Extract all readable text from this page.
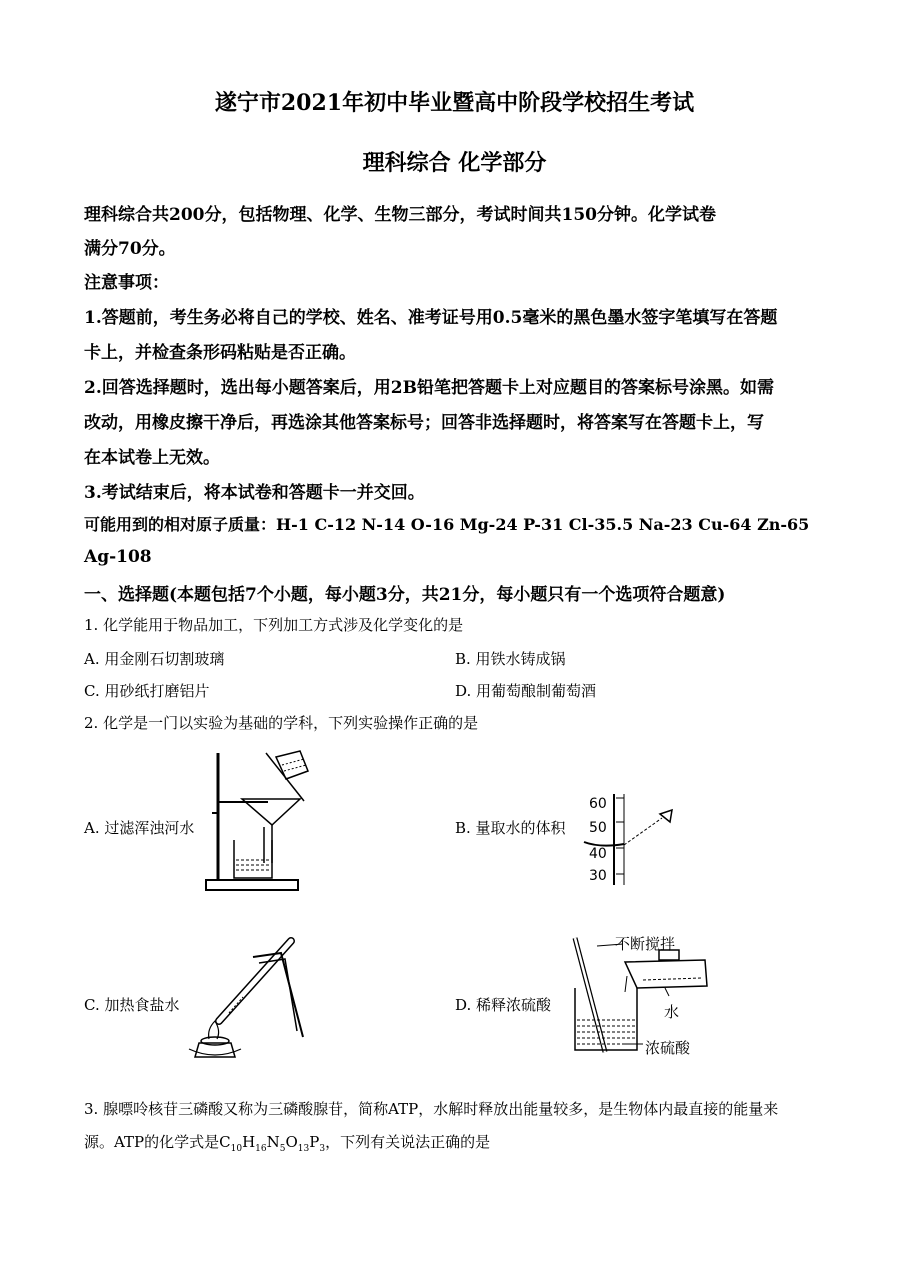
遂宁市2021年初中毕业暨高中阶段学校招生考试
理科综合 化学部分
理科综合共200分，包括物理、化学、生物三部分，考试时间共150分钟。化学试卷
满分70分。
注意事项：
1.答题前，考生务必将自己的学校、姓名、准考证号用0.5毫米的黑色墨水签字笔填写在答题
卡上，并检查条形码粘贴是否正确。
2.回答选择题时，选出每小题答案后，用2B铅笔把答题卡上对应题目的答案标号涂黑。如需
改动，用橡皮擦干净后，再选涂其他答案标号；回答非选择题时，将答案写在答题卡上，写
在本试卷上无效。
3.考试结束后，将本试卷和答题卡一并交回。
可能用到的相对原子质量：H-1 C-12 N-14 O-16 Mg-24 P-31 Cl-35.5 Na-23 Cu-64 Zn-65
Ag-108
一、选择题(本题包括7个小题，每小题3分，共21分，每小题只有一个选项符合题意)
1. 化学能用于物品加工，下列加工方式涉及化学变化的是
A. 用金刚石切割玻璃	B. 用铁水铸成锅
C. 用砂纸打磨铝片	D. 用葡萄酿制葡萄酒
2. 化学是一门以实验为基础的学科，下列实验操作正确的是
A. 过滤浑浊河水	B. 量取水的体积
C. 加热食盐水	D. 稀释浓硫酸
60
50
40
30
不断搅拌
水
浓硫酸
3. 腺嘌呤核苷三磷酸又称为三磷酸腺苷，简称ATP，水解时释放出能量较多，是生物体内最直接的能量来
源。ATP的化学式是$C_{10}H_{16}N_5O_{13}P_3$，下列有关说法正确的是
